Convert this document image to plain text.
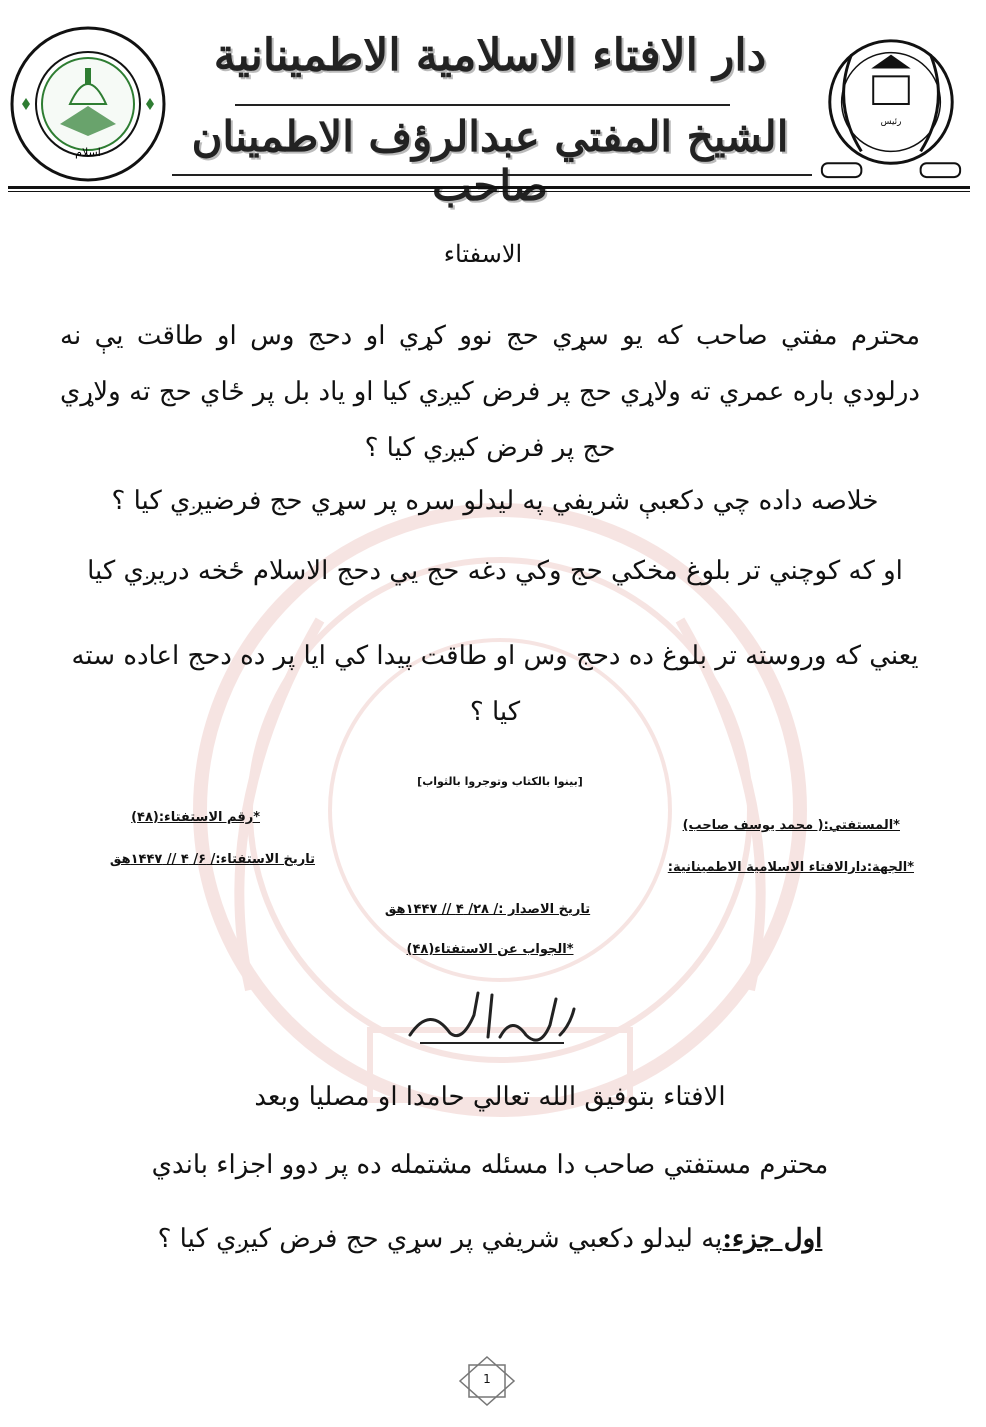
اسلام
دار الافتاء الاسلامیة الاطمینانیة
الشیخ المفتي عبدالرؤف الاطمینان	رئیس
الاسفتاء
محترم مفتي صاحب که یو سړي حج نوو کړي او دحج وس او طاقت یې نه درلودي باره عمري ته ولاړي حج پر فرض کیږي کیا او یاد بل پر ځاي حج ته ولاړي حج پر فرض کیږي کیا ؟
خلاصه داده چي دکعبې شریفي په لیدلو سره پر سړي حج فرضیږي کیا ؟
او که کوچني تر بلوغ مخکي حج وکي دغه حج یي دحج الاسلام ځخه دریږي کیا
یعني که وروسته تر بلوغ ده دحج وس او طاقت پیدا کي ایا پر ده دحج اعاده سته کیا ؟
[بینوا بالکتاب وتوجروا بالثواب]
*المستفتي:( محمد یوسف صاحب)
*رقم الاستفتاء:(۴۸)
*الجهة:دارالافتاء الاسلامیة الاطمینانیة:
تاریخ الاستفتاء:/ ۶/ ۴ // ۱۴۴۷هق
تاریخ الاصدار :/ ۲۸/ ۴ // ۱۴۴۷هق
*الجواب عن الاستفتاء(۴۸)
الافتاء بتوفیق الله تعالي حامدا او مصلیا وبعد
محترم مستفتي صاحب دا مسئله مشتمله ده پر دوو اجزاء باندي
اول جزء:په لیدلو دکعبي شریفي پر سړي حج فرض کیږي کیا ؟
1
